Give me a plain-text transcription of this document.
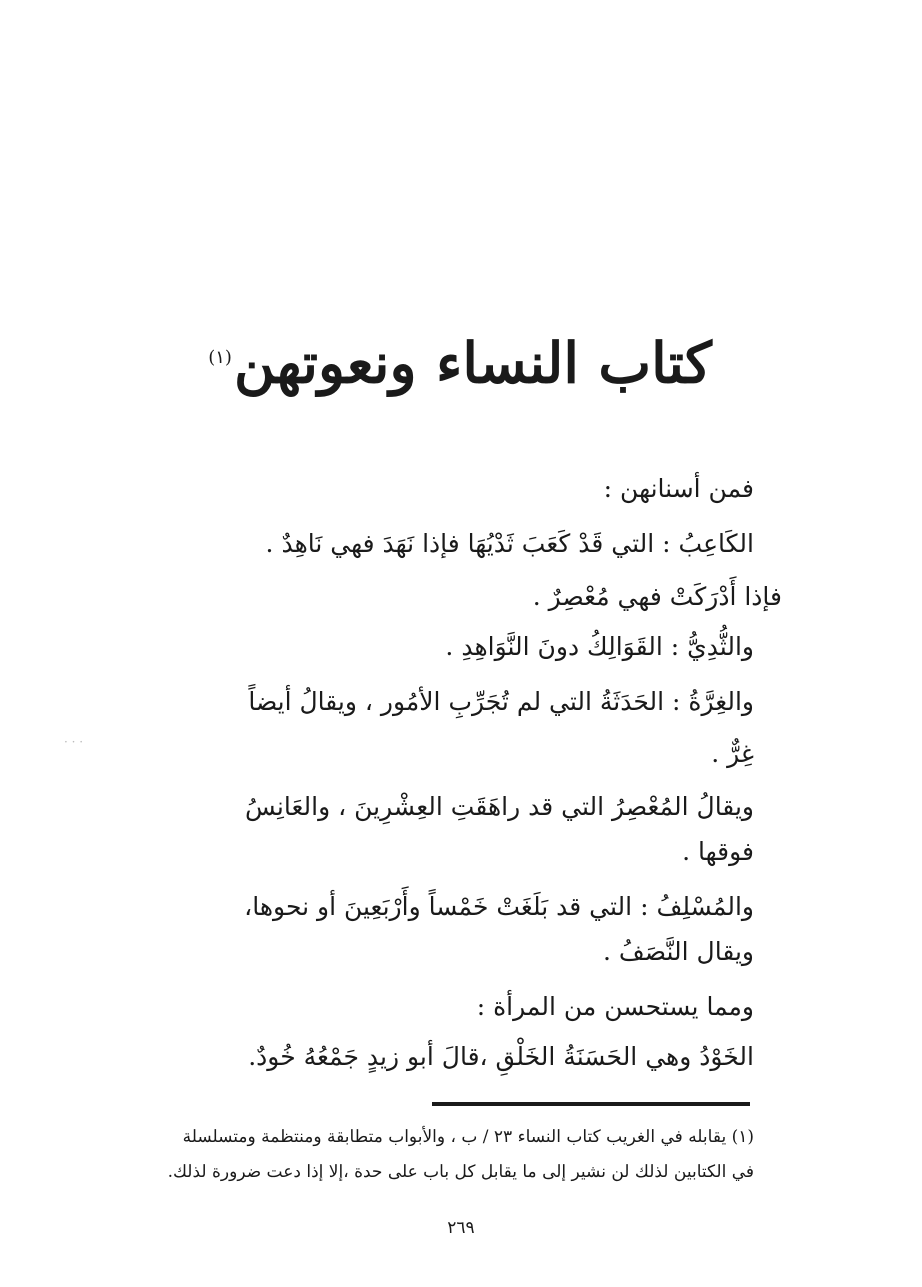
كتاب النساء ونعوتهن$^{(١)}$
فمن أسنانهن :
الكَاعِبُ : التي قَدْ كَعَبَ ثَدْيُهَا فإذا نَهَدَ فهي نَاهِدٌ .
فإذا أَدْرَكَتْ فهي مُعْصِرٌ .
والثُّدِيُّ : القَوَالِكُ دونَ النَّوَاهِدِ .
والغِرَّةُ : الحَدَثَةُ التي لم تُجَرِّبِ الأمُور ، ويقالُ أيضاً
غِرٌّ .
ويقالُ المُعْصِرُ التي قد راهَقَتِ العِشْرِينَ ، والعَانِسُ
فوقها .
والمُسْلِفُ : التي قد بَلَغَتْ خَمْساً وأَرْبَعِينَ أو نحوها،
ويقال النَّصَفُ .
ومما يستحسن من المرأة :
الخَوْدُ وهي الحَسَنَةُ الخَلْقِ ،قالَ أبو زيدٍ جَمْعُهُ خُودٌ.
(١) يقابله في الغريب كتاب النساء ٢٣ / ب ، والأبواب متطابقة ومنتظمة ومتسلسلة
في الكتابين لذلك لن نشير إلى ما يقابل كل باب على حدة ،إلا إذا دعت ضرورة لذلك.
٢٦٩
· · ·
